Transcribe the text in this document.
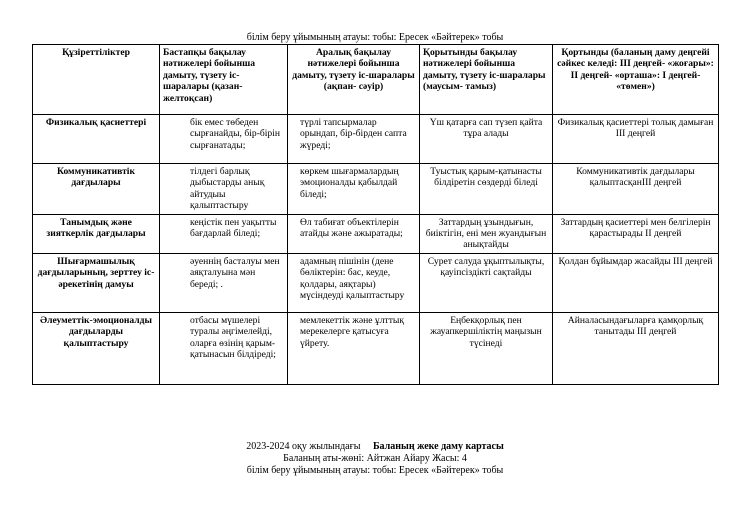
білім беру ұйымының атауы: тобы: Ересек «Бәйтерек» тобы
Құзіреттіліктер	Бастапқы бақылау нәтижелері бойынша дамыту, түзету іс-шаралары (қазан- желтоқсан)	Аралық бақылау нәтижелері бойынша дамыту, түзету іс-шаралары (ақпан- сәуір)	Қорытынды бақылау нәтижелері бойынша дамыту, түзету іс-шаралары (маусым- тамыз)	Қортынды (баланың даму деңгейі сәйкес келеді: ІІІ деңгей- «жоғары»: ІІ деңгей- «орташа»: І деңгей- «төмен»)
Физикалық қасиеттері	бік емес төбеден сырғанайды, бір-бірін сырғанатады;	түрлі тапсырмалар орындап, бір-бірден сапта жүреді;	Үш қатарға сап түзеп қайта тұра алады	Физикалық қасиеттері толық дамыған ІІІ деңгей
Коммуникативтік дағдылары	тілдегі барлық дыбыстарды анық айтудыы қалыптастыру	көркем шығармалардың эмоционалды қабылдай біледі;	Туыстық қарым-қатынасты білдіретін сөздерді біледі	Коммуникативтік дағдылары қалыптасқанІІІ деңгей
Танымдық және зияткерлік дағдылары	кеңістік пен уақытты бағдарлай біледі;	Өл табиғат объектілерін атайды және ажыратады;	Заттардың ұзындығын, биіктігін, ені мен жуандығын анықтайды	Заттардың қасиеттері мен белгілерін қарастырады ІІ деңгей
Шығармашылық дағдыларының, зерттеу іс-әрекетінің дамуы	әуеннің басталуы мен аяқталуына мән береді; .	адамның пішінін (дене бөліктерін: бас, кеуде, қолдары, аяқтары) мүсіндеуді қалыптастыру	Сурет салуда ұқыптылықты, қауіпсіздікті сақтайды	Қолдан бұйымдар жасайды ІІІ деңгей
Әлеуметтік-эмоционалды дағдыларды қалыптастыру	отбасы мүшелері туралы әңгімелейді, оларға өзінің қарым-қатынасын білдіреді;	мемлекеттік және ұлттық мерекелерге қатысуға үйрету.	Еңбекқорлық пен жауапкершіліктің маңызын түсінеді	Айналасындағыларға қамқорлық танытады ІІІ деңгей
2023-2024 оқу жылындағы Баланың жеке даму картасы
Баланың аты-жөні: Айтжан Айару Жасы: 4
білім беру ұйымының атауы: тобы: Ересек «Бәйтерек» тобы
